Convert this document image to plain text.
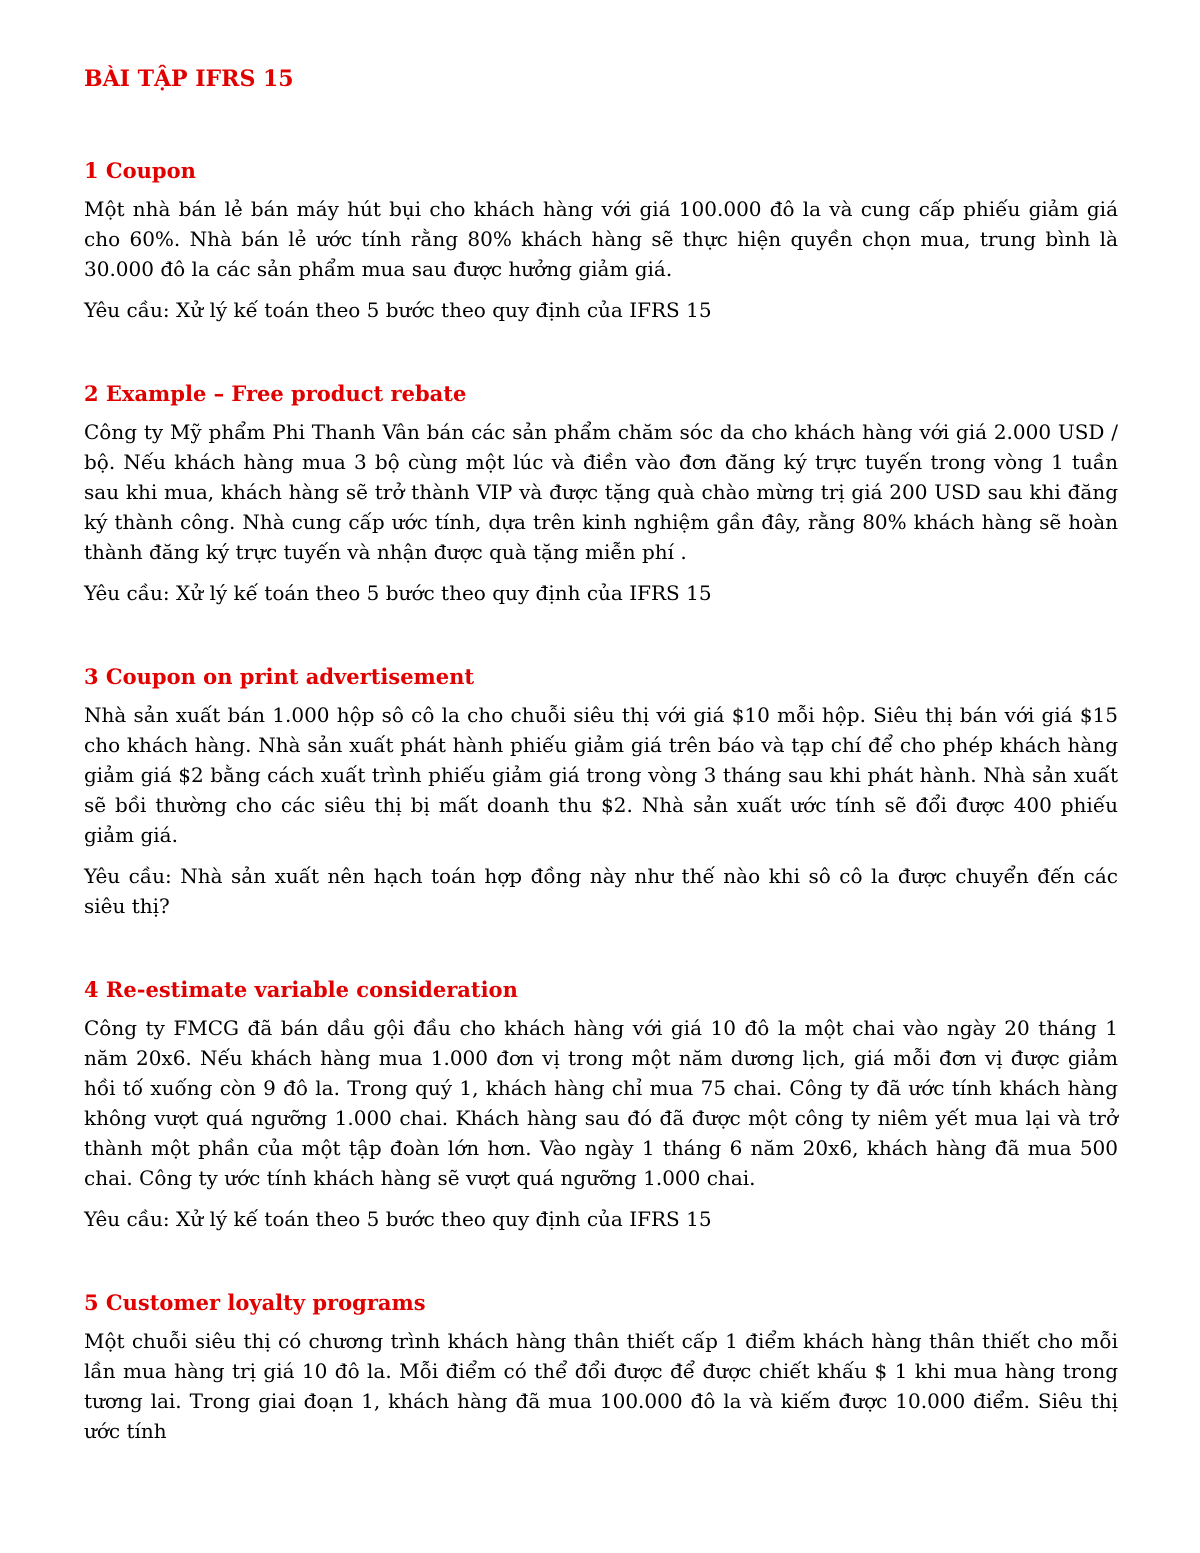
BÀI TẬP IFRS 15
1 Coupon

Một nhà bán lẻ bán máy hút bụi cho khách hàng với giá 100.000 đô la và cung cấp phiếu giảm giá cho 60%. Nhà bán lẻ ước tính rằng 80% khách hàng sẽ thực hiện quyền chọn mua, trung bình là 30.000 đô la các sản phẩm mua sau được hưởng giảm giá.

Yêu cầu: Xử lý kế toán theo 5 bước theo quy định của IFRS 15

2 Example – Free product rebate

Công ty Mỹ phẩm Phi Thanh Vân bán các sản phẩm chăm sóc da cho khách hàng với giá 2.000 USD / bộ. Nếu khách hàng mua 3 bộ cùng một lúc và điền vào đơn đăng ký trực tuyến trong vòng 1 tuần sau khi mua, khách hàng sẽ trở thành VIP và được tặng quà chào mừng trị giá 200 USD sau khi đăng ký thành công. Nhà cung cấp ước tính, dựa trên kinh nghiệm gần đây, rằng 80% khách hàng sẽ hoàn thành đăng ký trực tuyến và nhận được quà tặng miễn phí .

Yêu cầu: Xử lý kế toán theo 5 bước theo quy định của IFRS 15

3 Coupon on print advertisement

Nhà sản xuất bán 1.000 hộp sô cô la cho chuỗi siêu thị với giá $10 mỗi hộp. Siêu thị bán với giá $15 cho khách hàng. Nhà sản xuất phát hành phiếu giảm giá trên báo và tạp chí để cho phép khách hàng giảm giá $2 bằng cách xuất trình phiếu giảm giá trong vòng 3 tháng sau khi phát hành. Nhà sản xuất sẽ bồi thường cho các siêu thị bị mất doanh thu $2. Nhà sản xuất ước tính sẽ đổi được 400 phiếu giảm giá.

Yêu cầu: Nhà sản xuất nên hạch toán hợp đồng này như thế nào khi sô cô la được chuyển đến các siêu thị?

4 Re-estimate variable consideration

Công ty FMCG đã bán dầu gội đầu cho khách hàng với giá 10 đô la một chai vào ngày 20 tháng 1 năm 20x6. Nếu khách hàng mua 1.000 đơn vị trong một năm dương lịch, giá mỗi đơn vị được giảm hồi tố xuống còn 9 đô la. Trong quý 1, khách hàng chỉ mua 75 chai. Công ty đã ước tính khách hàng không vượt quá ngưỡng 1.000 chai. Khách hàng sau đó đã được một công ty niêm yết mua lại và trở thành một phần của một tập đoàn lớn hơn. Vào ngày 1 tháng 6 năm 20x6, khách hàng đã mua 500 chai. Công ty ước tính khách hàng sẽ vượt quá ngưỡng 1.000 chai.

Yêu cầu: Xử lý kế toán theo 5 bước theo quy định của IFRS 15

5 Customer loyalty programs

Một chuỗi siêu thị có chương trình khách hàng thân thiết cấp 1 điểm khách hàng thân thiết cho mỗi lần mua hàng trị giá 10 đô la. Mỗi điểm có thể đổi được để được chiết khấu $ 1 khi mua hàng trong tương lai. Trong giai đoạn 1, khách hàng đã mua 100.000 đô la và kiếm được 10.000 điểm. Siêu thị ước tính
